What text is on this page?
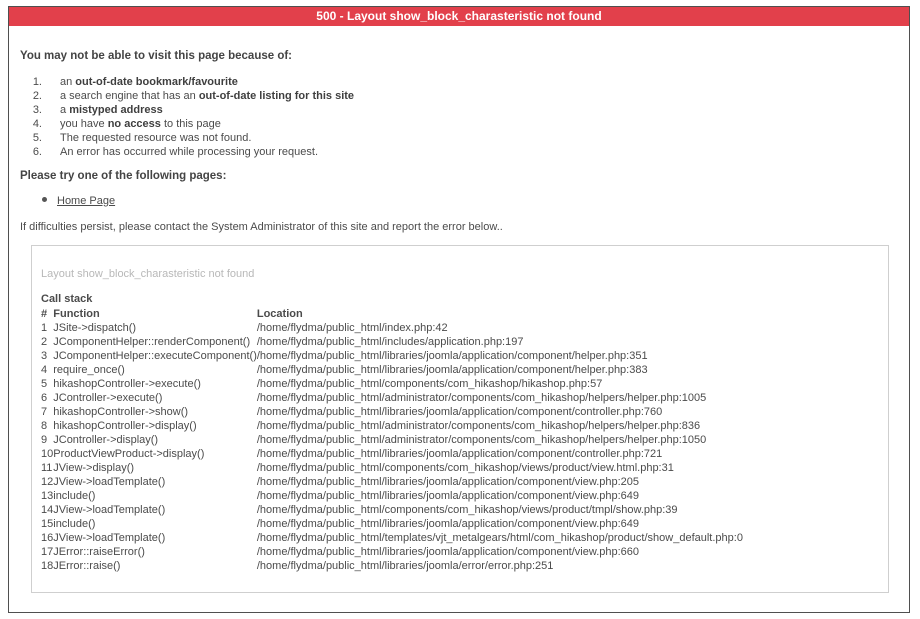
500 - Layout show_block_charasteristic not found
You may not be able to visit this page because of:
1. an out-of-date bookmark/favourite
2. a search engine that has an out-of-date listing for this site
3. a mistyped address
4. you have no access to this page
5. The requested resource was not found.
6. An error has occurred while processing your request.
Please try one of the following pages:
Home Page
If difficulties persist, please contact the System Administrator of this site and report the error below..
Layout show_block_charasteristic not found
Call stack
#	Function	Location
1	JSite->dispatch()	/home/flydma/public_html/index.php:42
2	JComponentHelper::renderComponent()	/home/flydma/public_html/includes/application.php:197
3	JComponentHelper::executeComponent()	/home/flydma/public_html/libraries/joomla/application/component/helper.php:351
4	require_once()	/home/flydma/public_html/libraries/joomla/application/component/helper.php:383
5	hikashopController->execute()	/home/flydma/public_html/components/com_hikashop/hikashop.php:57
6	JController->execute()	/home/flydma/public_html/administrator/components/com_hikashop/helpers/helper.php:1005
7	hikashopController->show()	/home/flydma/public_html/libraries/joomla/application/component/controller.php:760
8	hikashopController->display()	/home/flydma/public_html/administrator/components/com_hikashop/helpers/helper.php:836
9	JController->display()	/home/flydma/public_html/administrator/components/com_hikashop/helpers/helper.php:1050
10	ProductViewProduct->display()	/home/flydma/public_html/libraries/joomla/application/component/controller.php:721
11	JView->display()	/home/flydma/public_html/components/com_hikashop/views/product/view.html.php:31
12	JView->loadTemplate()	/home/flydma/public_html/libraries/joomla/application/component/view.php:205
13	include()	/home/flydma/public_html/libraries/joomla/application/component/view.php:649
14	JView->loadTemplate()	/home/flydma/public_html/components/com_hikashop/views/product/tmpl/show.php:39
15	include()	/home/flydma/public_html/libraries/joomla/application/component/view.php:649
16	JView->loadTemplate()	/home/flydma/public_html/templates/vjt_metalgears/html/com_hikashop/product/show_default.php:0
17	JError::raiseError()	/home/flydma/public_html/libraries/joomla/application/component/view.php:660
18	JError::raise()	/home/flydma/public_html/libraries/joomla/error/error.php:251
